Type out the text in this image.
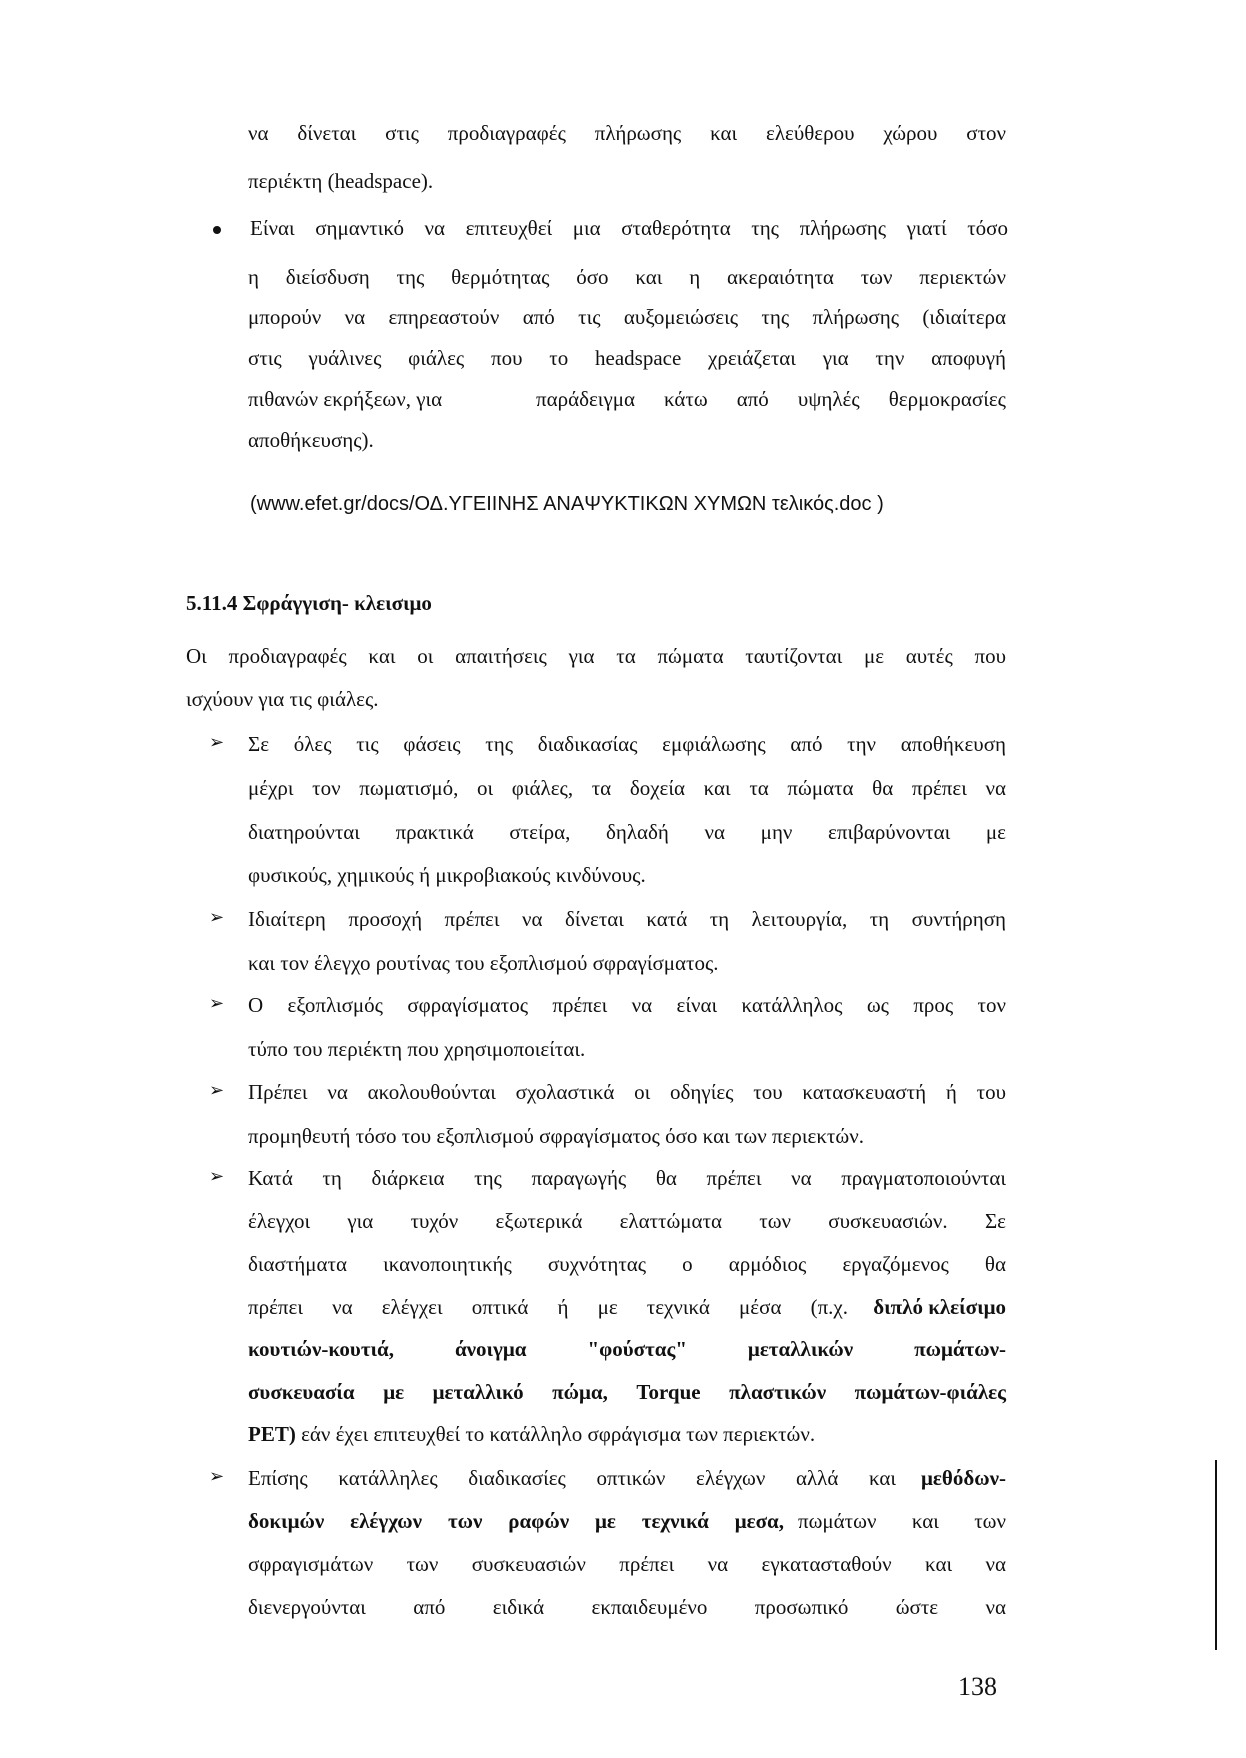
να δίνεται στις προδιαγραφές πλήρωσης και ελεύθερου χώρου στον
περιέκτη (headspace).
Είναι σημαντικό να επιτευχθεί μια σταθερότητα της πλήρωσης γιατί τόσο
η διείσδυση της θερμότητας όσο και η ακεραιότητα των περιεκτών
μπορούν να επηρεαστούν από τις αυξομειώσεις της πλήρωσης (ιδιαίτερα
στις γυάλινες φιάλες που το headspace χρειάζεται για την αποφυγή
πιθανών εκρήξεων, για	παράδειγμα κάτω από υψηλές θερμοκρασίες
αποθήκευσης).
(www.efet.gr/docs/ΟΔ.ΥΓΕΙΙΝΗΣ ΑΝΑΨΥΚΤΙΚΩΝ ΧΥΜΩΝ τελικός.doc )
5.11.4 Σφράγγιση- κλεισιμο
Οι προδιαγραφές και οι απαιτήσεις για τα πώματα ταυτίζονται με αυτές που
ισχύουν για τις φιάλες.
➢ Σε όλες τις φάσεις της διαδικασίας εμφιάλωσης από την αποθήκευση
μέχρι τον πωματισμό, οι φιάλες, τα δοχεία και τα πώματα θα πρέπει να
διατηρούνται πρακτικά στείρα, δηλαδή να μην επιβαρύνονται με
φυσικούς, χημικούς ή μικροβιακούς κινδύνους.
➢ Ιδιαίτερη προσοχή πρέπει να δίνεται κατά τη λειτουργία, τη συντήρηση
και τον έλεγχο ρουτίνας του εξοπλισμού σφραγίσματος.
➢ Ο εξοπλισμός σφραγίσματος πρέπει να είναι κατάλληλος ως προς τον
τύπο του περιέκτη που χρησιμοποιείται.
➢ Πρέπει να ακολουθούνται σχολαστικά οι οδηγίες του κατασκευαστή ή του
προμηθευτή τόσο του εξοπλισμού σφραγίσματος όσο και των περιεκτών.
➢ Κατά τη διάρκεια της παραγωγής θα πρέπει να πραγματοποιούνται
έλεγχοι για τυχόν εξωτερικά ελαττώματα των συσκευασιών. Σε
διαστήματα ικανοποιητικής συχνότητας ο αρμόδιος εργαζόμενος θα
πρέπει να ελέγχει οπτικά ή με τεχνικά μέσα (π.χ.	διπλό κλείσιμο
κουτιών-κουτιά, άνοιγμα "φούστας" μεταλλικών πωμάτων-
συσκευασία με μεταλλικό πώμα, Torque πλαστικών πωμάτων-φιάλες
PET) εάν έχει επιτευχθεί το κατάλληλο σφράγισμα των περιεκτών.
➢ Επίσης κατάλληλες διαδικασίες οπτικών ελέγχων αλλά και	μεθόδων-
δοκιμών ελέγχων των ραφών με τεχνικά μεσα, πωμάτων και των
σφραγισμάτων των συσκευασιών πρέπει να εγκατασταθούν και να
διενεργούνται από ειδικά εκπαιδευμένο προσωπικό ώστε να
138
